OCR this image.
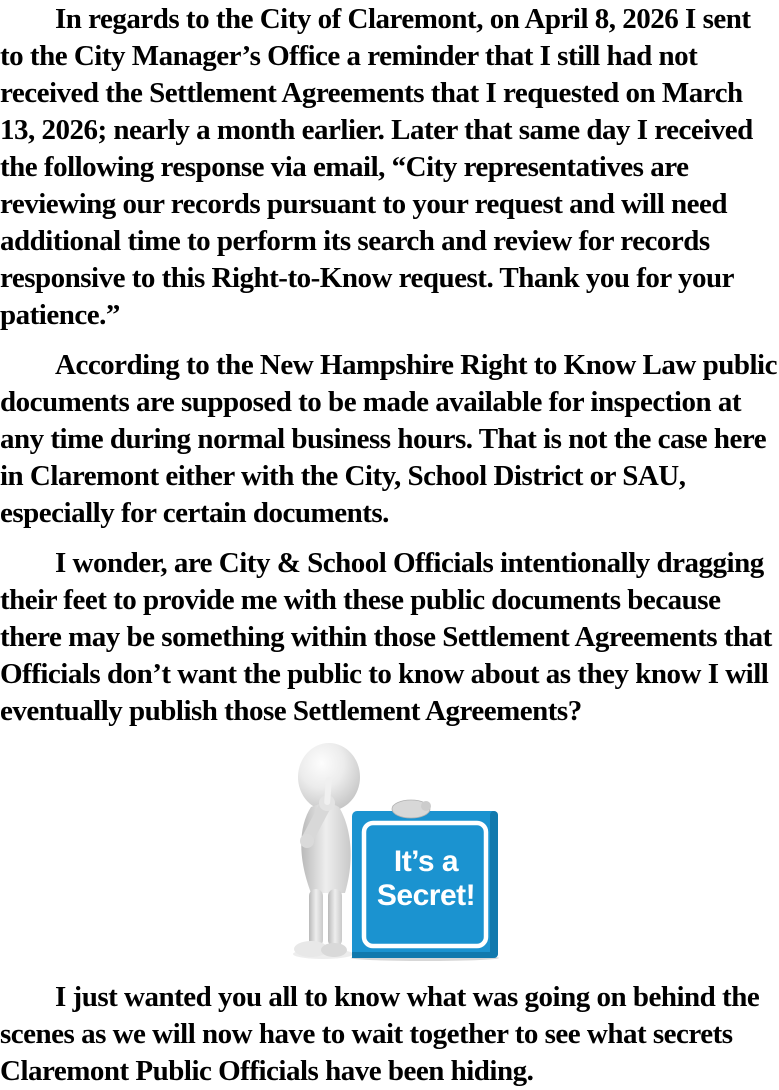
In regards to the City of Claremont, on April 8, 2026 I sent
to the City Manager’s Office a reminder that I still had not
received the Settlement Agreements that I requested on March
13, 2026; nearly a month earlier. Later that same day I received
the following response via email, “City representatives are
reviewing our records pursuant to your request and will need
additional time to perform its search and review for records
responsive to this Right-to-Know request. Thank you for your
patience.”
According to the New Hampshire Right to Know Law public
documents are supposed to be made available for inspection at
any time during normal business hours. That is not the case here
in Claremont either with the City, School District or SAU,
especially for certain documents.
I wonder, are City & School Officials intentionally dragging
their feet to provide me with these public documents because
there may be something within those Settlement Agreements that
Officials don’t want the public to know about as they know I will
eventually publish those Settlement Agreements?
It’s a
Secret!
I just wanted you all to know what was going on behind the
scenes as we will now have to wait together to see what secrets
Claremont Public Officials have been hiding.
